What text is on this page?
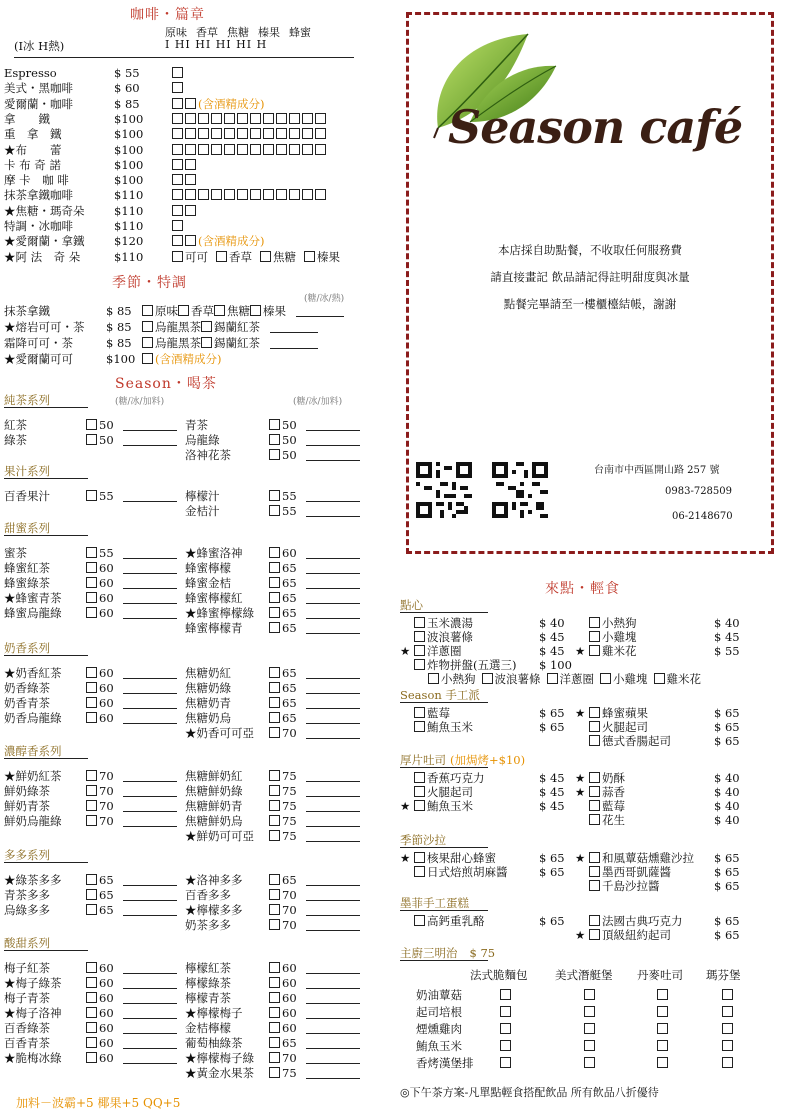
咖啡・篇章
(I冰 H熱)
原味 香草 焦糖 榛果 蜂蜜
I HI HI HI HI H
季節・特調
(糖/冰/熱)
Season・喝茶
(糖/冰/加料)	(糖/冰/加料)
加料－波霸+5 椰果+5 QQ+5
Season café
台南市中西區開山路 257 號
0983-728509
06-2148670
來點・輕食
◎下午茶方案-凡單點輕食搭配飲品 所有飲品八折優待
Espresso	$ 55
美式・黑咖啡	$ 60
愛爾蘭・咖啡	$ 85	(含酒精成分)
拿　　鐵	$100
重　拿　鐵	$100
★布　　蕾	$100
卡 布 奇 諾	$100
摩 卡　咖 啡	$100
抹茶拿鐵咖啡	$110
★焦糖・瑪奇朵	$110
特調・冰咖啡	$110
★愛爾蘭・拿鐵	$120	(含酒精成分)
★阿 法　奇 朵	$110	可可 香草 焦糖 榛果
抹茶拿鐵	$ 85 原味 香草 焦糖 榛果
★熔岩可可・茶 $ 85 烏龍黑茶 錫蘭紅茶
霜降可可・茶	$ 85 烏龍黑茶 錫蘭紅茶
★愛爾蘭可可	$100 (含酒精成分)
純茶系列
紅茶	50
綠茶	50
青茶	50
烏龍綠	50
洛神花茶	50
果汁系列
百香果汁	55	檸檬汁	55
金桔汁	55
甜蜜系列
蜜茶	55
蜂蜜紅茶	60
蜂蜜綠茶	60
★蜂蜜青茶	60
蜂蜜烏龍綠	60
★蜂蜜洛神	60
蜂蜜檸檬	65
蜂蜜金桔	65
蜂蜜檸檬紅	65
★蜂蜜檸檬綠 65
蜂蜜檸檬青	65
奶香系列
★奶香紅茶	60
奶香綠茶	60
奶香青茶	60
奶香烏龍綠	60
焦糖奶紅	65
焦糖奶綠	65
焦糖奶青	65
焦糖奶烏	65
★奶香可可亞 70
濃醇香系列
★鮮奶紅茶	70
鮮奶綠茶	70
鮮奶青茶	70
鮮奶烏龍綠	70
焦糖鮮奶紅	75
焦糖鮮奶綠	75
焦糖鮮奶青	75
焦糖鮮奶烏	75
★鮮奶可可亞 75
多多系列
★綠茶多多	65
青茶多多	65
烏綠多多	65
★洛神多多	65
百香多多	70
★檸檬多多	70
奶茶多多	70
酸甜系列
梅子紅茶	60
★梅子綠茶	60
梅子青茶	60
★梅子洛神	60
百香綠茶	60
百香青茶	60
★脆梅冰綠	60
檸檬紅茶	60
檸檬綠茶	60
檸檬青茶	60
★檸檬梅子	60
金桔檸檬	60
葡萄柚綠茶	65
★檸檬梅子綠 70
★黃金水果茶 75
本店採自助點餐，不收取任何服務費
請直接畫記 飲品請記得註明甜度與冰量
點餐完畢請至一樓櫃檯結帳，謝謝
點心
玉米濃湯	$ 40
波浪薯條	$ 45
★ 洋蔥圈	$ 45
炸物拼盤(五選三) $ 100
小熱狗	$ 40
小雞塊	$ 45
★ 雞米花	$ 55
小熱狗 波浪薯條 洋蔥圈 小雞塊 雞米花
Season 手工派
藍莓	$ 65
鮪魚玉米	$ 65
★ 蜂蜜蘋果	$ 65
火腿起司	$ 65
德式香腸起司	$ 65
厚片吐司 (加焗烤+$10)
香蕉巧克力	$ 45
火腿起司	$ 45
★ 鮪魚玉米	$ 45
★ 奶酥	$ 40
★ 蒜香	$ 40
藍莓	$ 40
花生	$ 40
季節沙拉
★ 核果甜心蜂蜜	$ 65
日式焙煎胡麻醬	$ 65
★ 和風蕈菇燻雞沙拉 $ 65
墨西哥凱薩醬	$ 65
千島沙拉醬	$ 65
墨菲手工蛋糕
高鈣重乳酪	$ 65	法國古典巧克力	$ 65
★ 頂級紐約起司	$ 65
主廚三明治 $ 75
法式脆麵包 美式潛艇堡 丹麥吐司 瑪芬堡
奶油蕈菇
起司培根
煙燻雞肉
鮪魚玉米
香烤漢堡排
